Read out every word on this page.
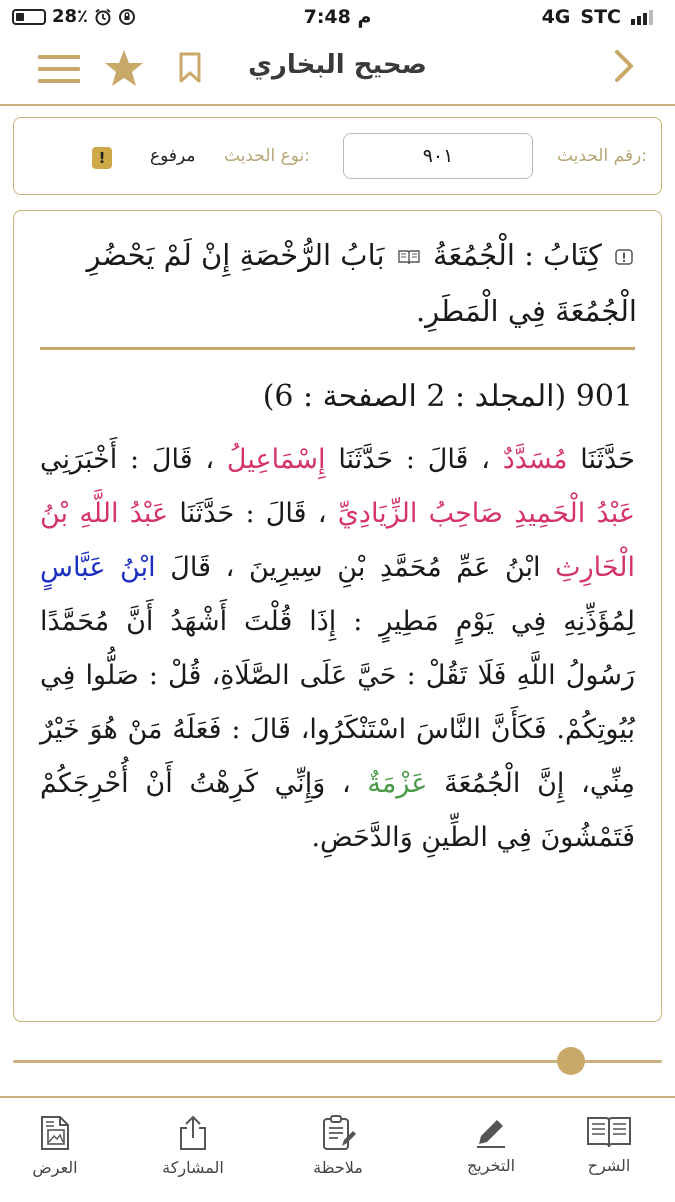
28٪	7:48 م	4G STC
صحيح البخاري
رقم الحديث:
٩٠١
نوع الحديث:
مرفوع
!
كِتَابُ : الْجُمُعَةُ  بَابُ الرُّخْصَةِ إِنْ لَمْ يَحْضُرِ الْجُمُعَةَ فِي الْمَطَرِ.
901 (المجلد : 2 الصفحة : 6)
حَدَّثَنَا مُسَدَّدٌ ، قَالَ : حَدَّثَنَا إِسْمَاعِيلُ ، قَالَ : أَخْبَرَنِي عَبْدُ الْحَمِيدِ صَاحِبُ الزِّيَادِيِّ ، قَالَ : حَدَّثَنَا عَبْدُ اللَّهِ بْنُ الْحَارِثِ ابْنُ عَمِّ مُحَمَّدِ بْنِ سِيرِينَ ، قَالَ ابْنُ عَبَّاسٍ لِمُؤَذِّنِهِ فِي يَوْمٍ مَطِيرٍ : إِذَا قُلْتَ أَشْهَدُ أَنَّ مُحَمَّدًا رَسُولُ اللَّهِ فَلَا تَقُلْ : حَيَّ عَلَى الصَّلَاةِ، قُلْ : صَلُّوا فِي بُيُوتِكُمْ. فَكَأَنَّ النَّاسَ اسْتَنْكَرُوا، قَالَ : فَعَلَهُ مَنْ هُوَ خَيْرٌ مِنِّي، إِنَّ الْجُمُعَةَ عَزْمَةٌ ، وَإِنِّي كَرِهْتُ أَنْ أُحْرِجَكُمْ فَتَمْشُونَ فِي الطِّينِ وَالدَّحَضِ.
الشرح
التخريج
ملاحظة
المشاركة
العرض
